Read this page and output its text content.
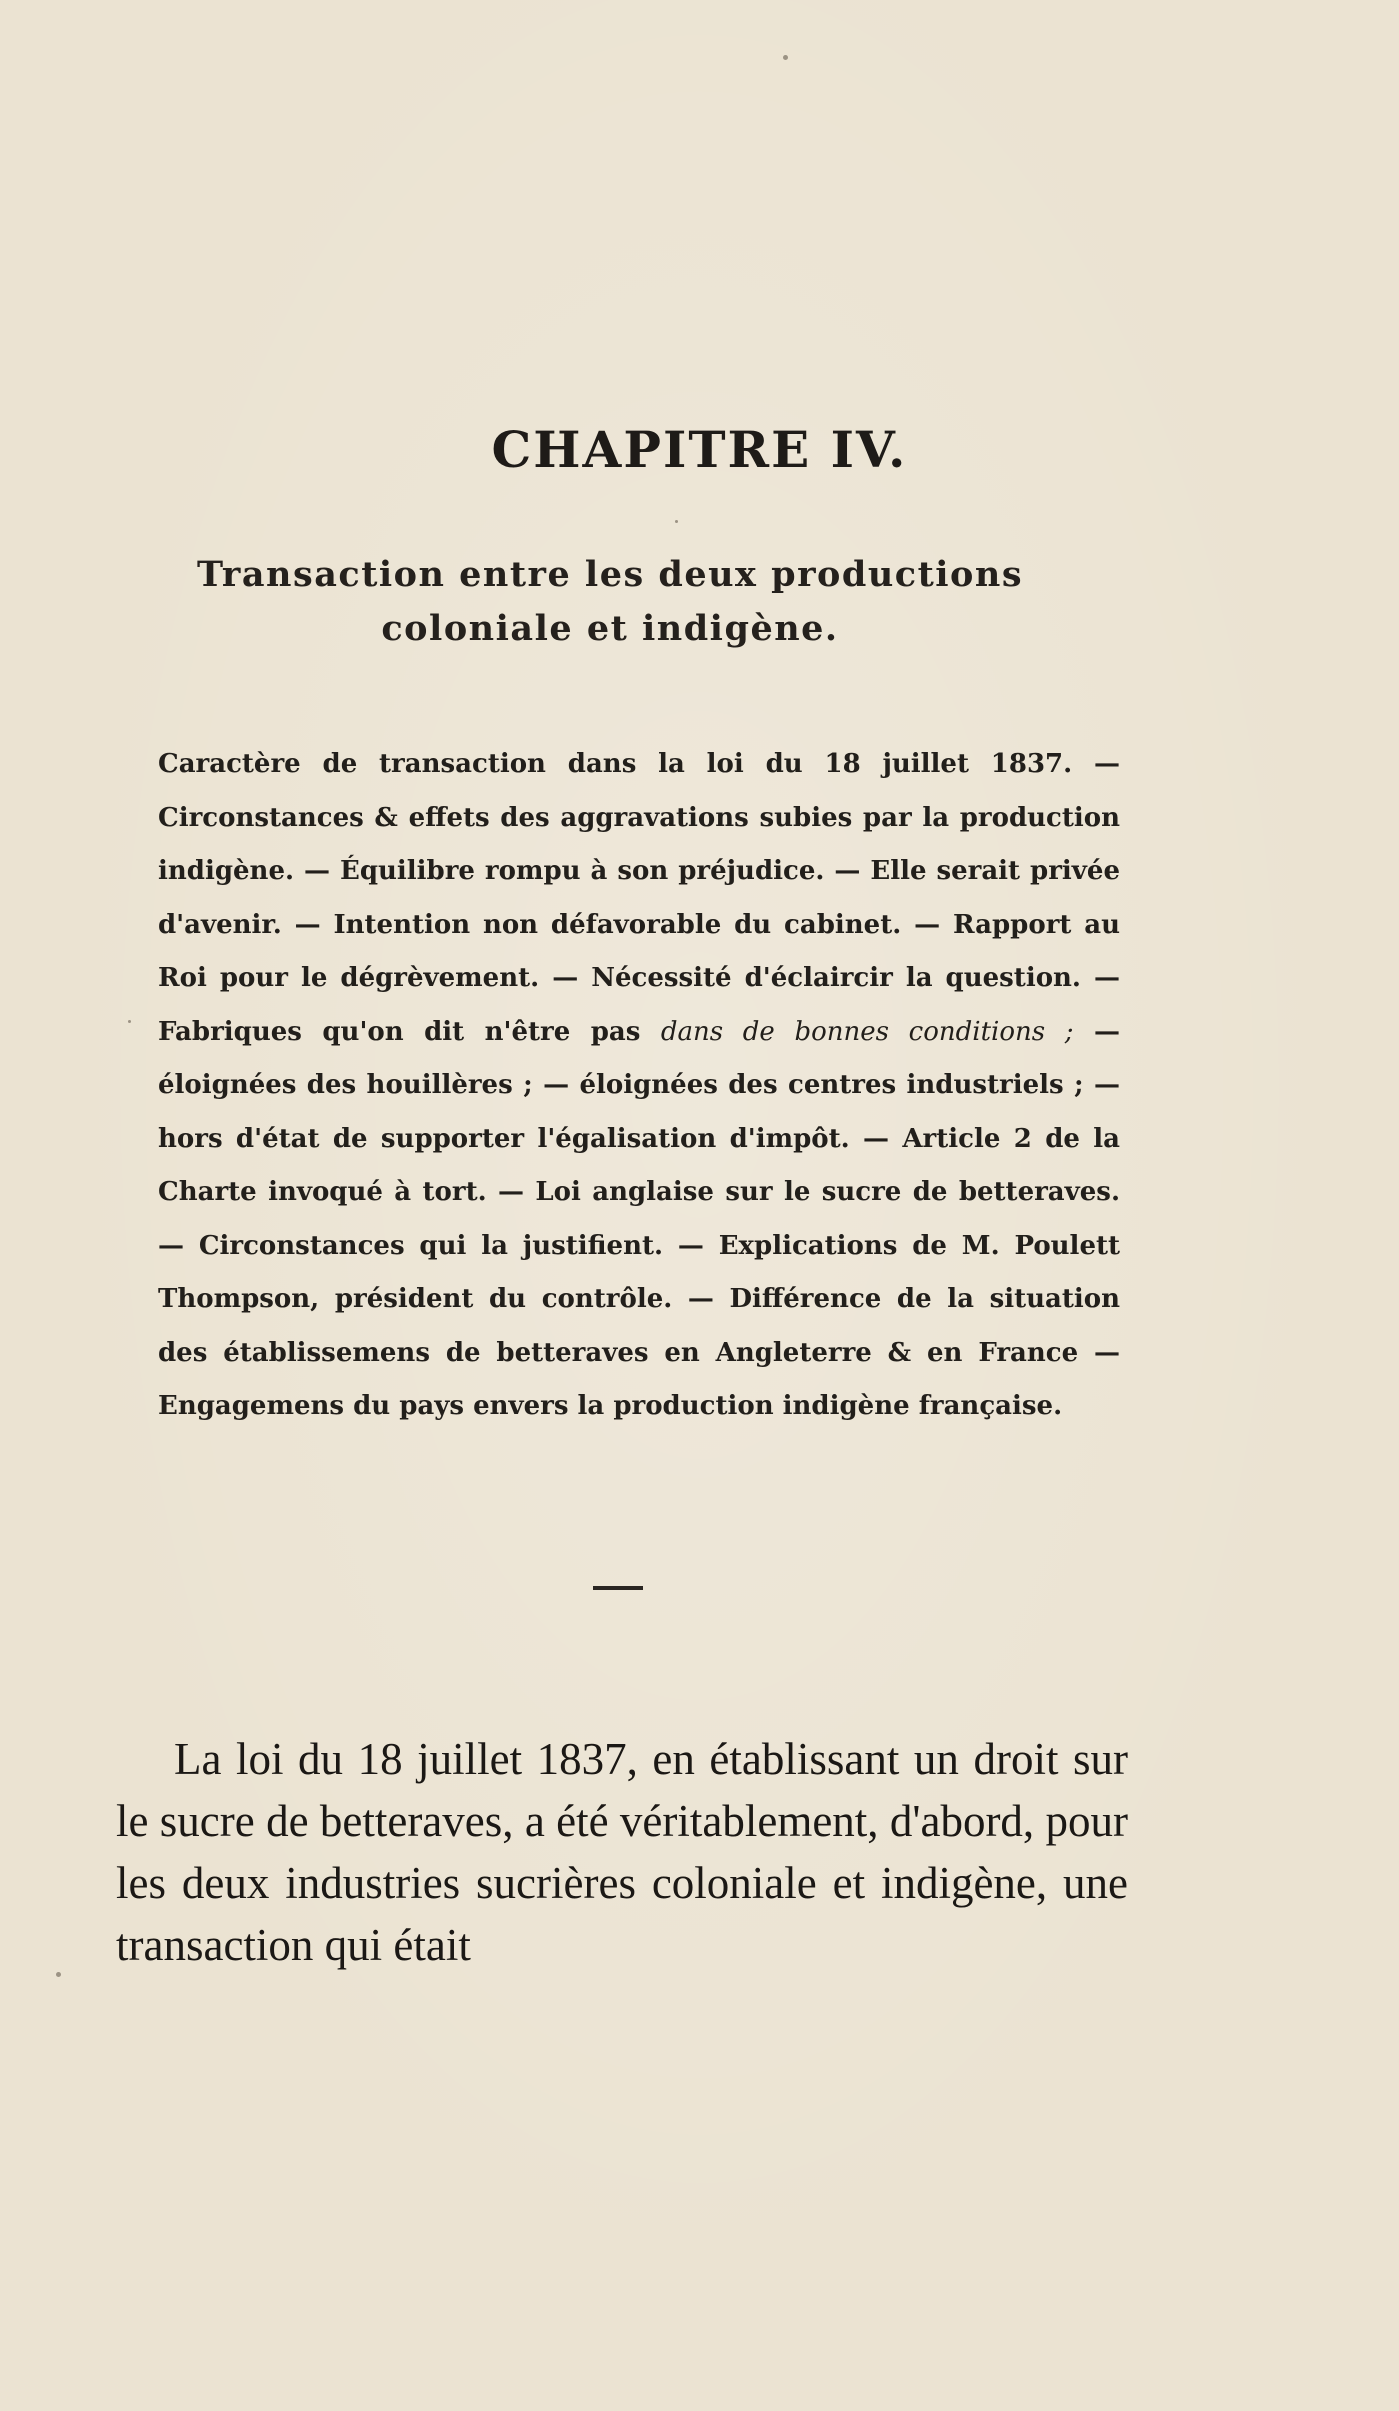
CHAPITRE IV.
Transaction entre les deux productions
coloniale et indigène.
Caractère de transaction dans la loi du 18 juillet 1837. — Circonstances & effets des aggravations subies par la production indigène. — Équilibre rompu à son préjudice. — Elle serait privée d'avenir. — Intention non défavorable du cabinet. — Rapport au Roi pour le dégrèvement. — Nécessité d'éclaircir la question. — Fabriques qu'on dit n'être pas dans de bonnes conditions ; — éloignées des houillères ; — éloignées des centres industriels ; — hors d'état de supporter l'égalisation d'impôt. — Article 2 de la Charte invoqué à tort. — Loi anglaise sur le sucre de betteraves. — Circonstances qui la justifient. — Explications de M. Poulett Thompson, président du contrôle. — Différence de la situation des établissemens de betteraves en Angleterre & en France — Engagemens du pays envers la production indigène française.
La loi du 18 juillet 1837, en établissant un droit sur le sucre de betteraves, a été véritablement, d'abord, pour les deux industries sucrières coloniale et indigène, une transaction qui était
